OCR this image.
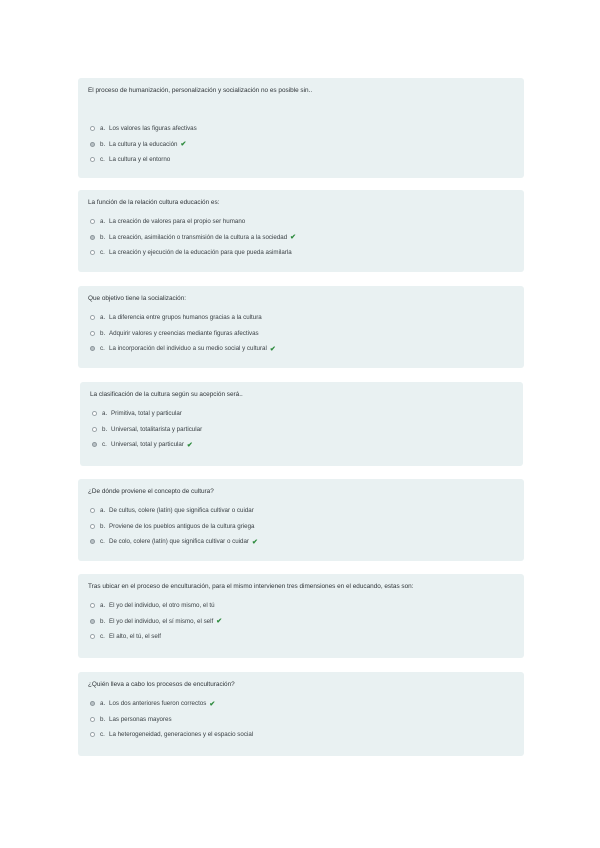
El proceso de humanización, personalización y socialización no es posible sin..

a. Los valores las figuras afectivas
b. La cultura y la educación ✔
c. La cultura y el entorno

La función de la relación cultura educación es:

a. La creación de valores para el propio ser humano
b. La creación, asimilación o transmisión de la cultura a la sociedad ✔
c. La creación y ejecución de la educación para que pueda asimilarla

Que objetivo tiene la socialización:

a. La diferencia entre grupos humanos gracias a la cultura
b. Adquirir valores y creencias mediante figuras afectivas
c. La incorporación del individuo a su medio social y cultural ✔

La clasificación de la cultura según su acepción será..

a. Primitiva, total y particular
b. Universal, totalitarista y particular
c. Universal, total y particular ✔

¿De dónde proviene el concepto de cultura?

a. De cultus, colere (latín) que significa cultivar o cuidar
b. Proviene de los pueblos antiguos de la cultura griega
c. De colo, colere (latín) que significa cultivar o cuidar ✔

Tras ubicar en el proceso de enculturación, para el mismo intervienen tres dimensiones en el educando, estas son:

a. El yo del individuo, el otro mismo, el tú
b. El yo del individuo, el sí mismo, el self ✔
c. El alto, el tú, el self

¿Quién lleva a cabo los procesos de enculturación?

a. Los dos anteriores fueron correctos ✔
b. Las personas mayores
c. La heterogeneidad, generaciones y el espacio social
